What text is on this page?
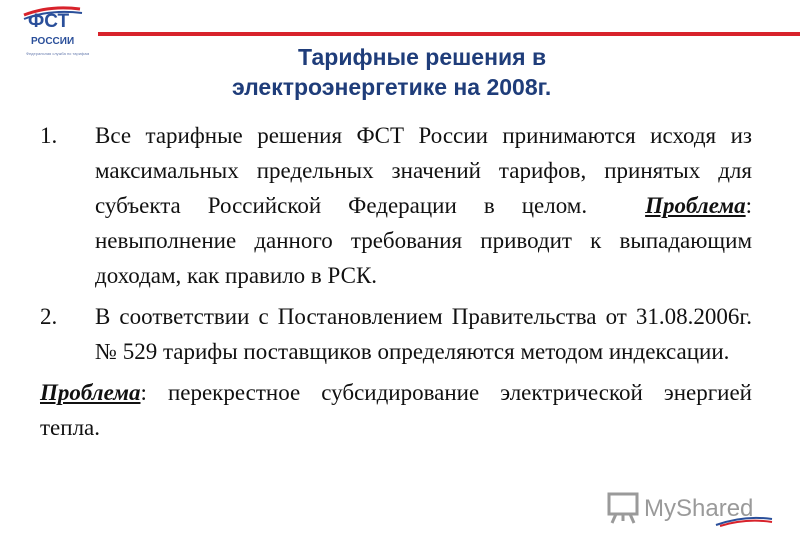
ФСТ
РОССИИ
Федеральная служба по тарифам	Тарифные решения в
электроэнергетике на 2008г.
1.	Все тарифные решения ФСТ России принимаются исходя из максимальных предельных значений тарифов, принятых для субъекта Российской Федерации в целом.	Проблема: невыполнение данного требования приводит к выпадающим доходам, как правило в РСК.
2.	В соответствии с Постановлением Правительства от 31.08.2006г. № 529 тарифы поставщиков определяются методом индексации.
Проблема: перекрестное субсидирование электрической энергией тепла.
MyShared
